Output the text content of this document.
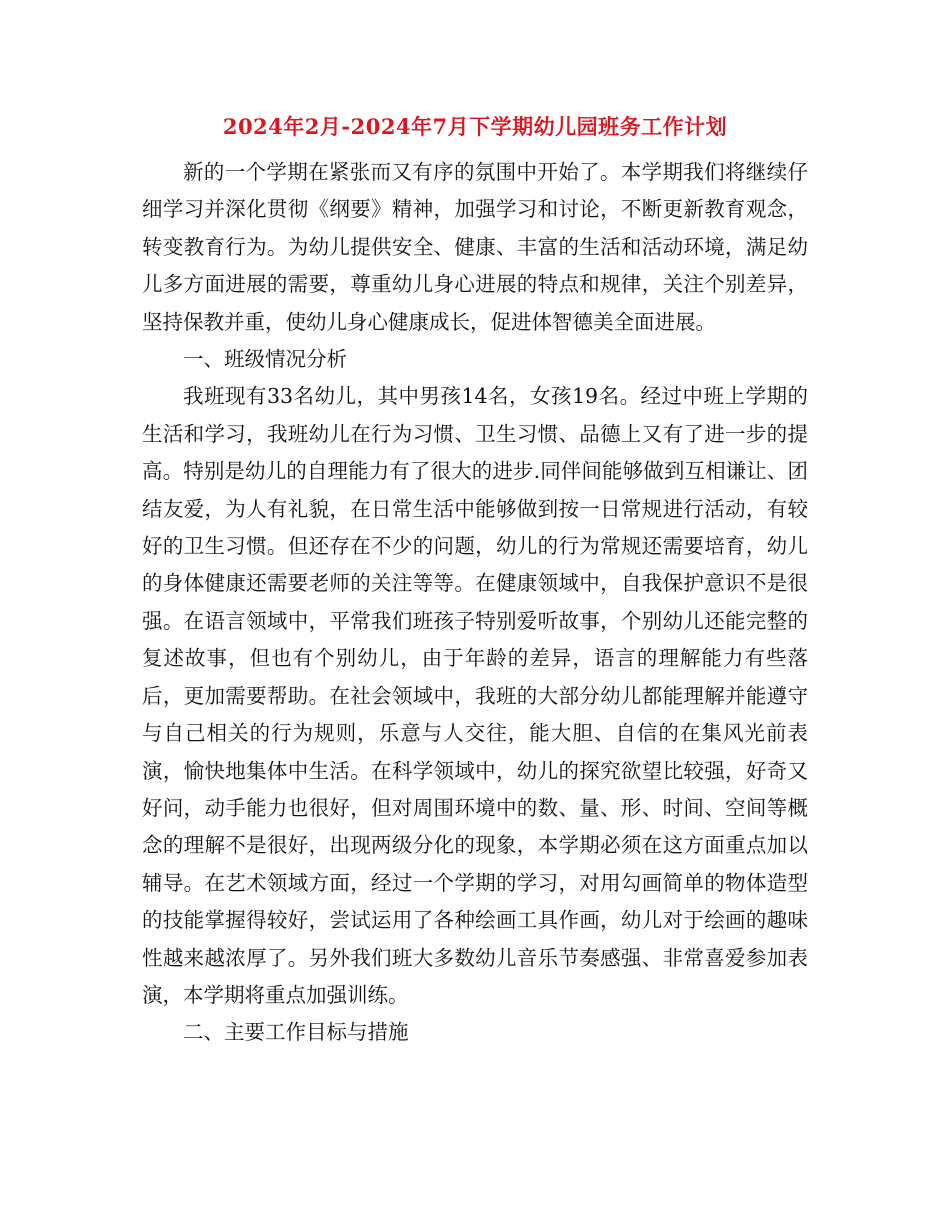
2024年2月-2024年7月下学期幼儿园班务工作计划

新的一个学期在紧张而又有序的氛围中开始了。本学期我们将继续仔细学习并深化贯彻《纲要》精神，加强学习和讨论，不断更新教育观念，转变教育行为。为幼儿提供安全、健康、丰富的生活和活动环境，满足幼儿多方面进展的需要，尊重幼儿身心进展的特点和规律，关注个别差异，坚持保教并重，使幼儿身心健康成长，促进体智德美全面进展。

一、班级情况分析

我班现有33名幼儿，其中男孩14名，女孩19名。经过中班上学期的生活和学习，我班幼儿在行为习惯、卫生习惯、品德上又有了进一步的提高。特别是幼儿的自理能力有了很大的进步.同伴间能够做到互相谦让、团结友爱，为人有礼貌，在日常生活中能够做到按一日常规进行活动，有较好的卫生习惯。但还存在不少的问题，幼儿的行为常规还需要培育，幼儿的身体健康还需要老师的关注等等。在健康领域中，自我保护意识不是很强。在语言领域中，平常我们班孩子特别爱听故事，个别幼儿还能完整的复述故事，但也有个别幼儿，由于年龄的差异，语言的理解能力有些落后，更加需要帮助。在社会领域中，我班的大部分幼儿都能理解并能遵守与自己相关的行为规则，乐意与人交往，能大胆、自信的在集风光前表演，愉快地集体中生活。在科学领域中，幼儿的探究欲望比较强，好奇又好问，动手能力也很好，但对周围环境中的数、量、形、时间、空间等概念的理解不是很好，出现两级分化的现象，本学期必须在这方面重点加以辅导。在艺术领域方面，经过一个学期的学习，对用勾画简单的物体造型的技能掌握得较好，尝试运用了各种绘画工具作画，幼儿对于绘画的趣味性越来越浓厚了。另外我们班大多数幼儿音乐节奏感强、非常喜爱参加表演，本学期将重点加强训练。

二、主要工作目标与措施
